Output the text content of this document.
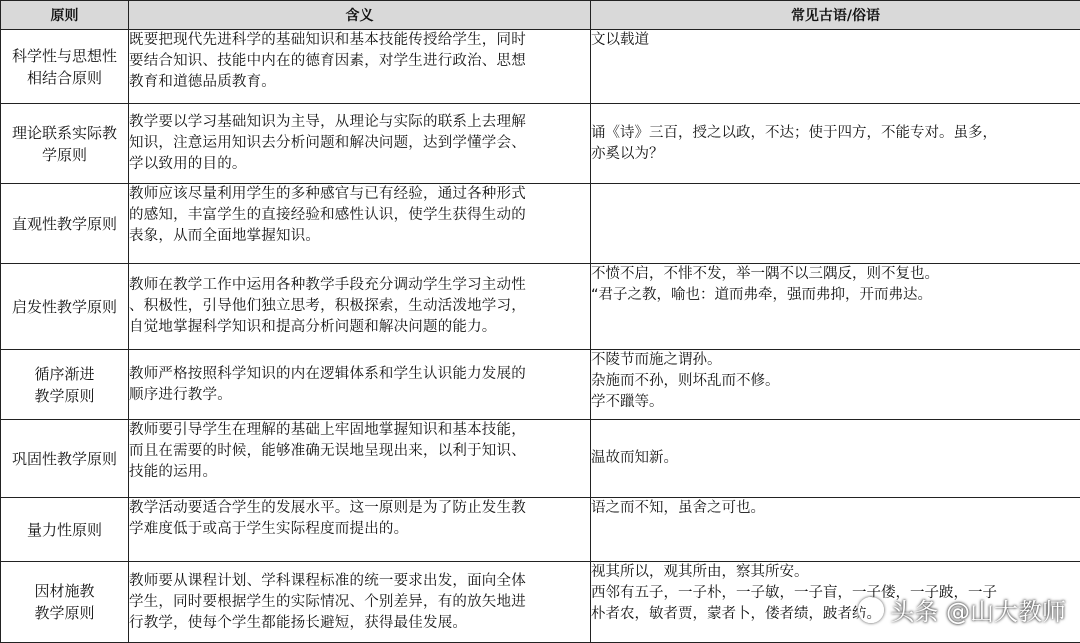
原则	含义	常见古语/俗语

科学性与思想性
相结合原则	既要把现代先进科学的基础知识和基本技能传授给学生，同时
要结合知识、技能中内在的德育因素，对学生进行政治、思想
教育和道德品质教育。	文以载道

理论联系实际教
学原则	教学要以学习基础知识为主导，从理论与实际的联系上去理解
知识，注意运用知识去分析问题和解决问题，达到学懂学会、
学以致用的目的。	诵《诗》三百，授之以政，不达；使于四方，不能专对。虽多，
亦奚以为？

直观性教学原则	教师应该尽量利用学生的多种感官与已有经验，通过各种形式
的感知，丰富学生的直接经验和感性认识，使学生获得生动的
表象，从而全面地掌握知识。	

启发性教学原则	教师在教学工作中运用各种教学手段充分调动学生学习主动性
、积极性，引导他们独立思考，积极探索，生动活泼地学习，
自觉地掌握科学知识和提高分析问题和解决问题的能力。	不愤不启，不悱不发，举一隅不以三隅反，则不复也。
“君子之教，喻也：道而弗牵，强而弗抑，开而弗达。

循序渐进
教学原则	教师严格按照科学知识的内在逻辑体系和学生认识能力发展的
顺序进行教学。	不陵节而施之谓孙。
杂施而不孙，则坏乱而不修。
学不躐等。

巩固性教学原则	教师要引导学生在理解的基础上牢固地掌握知识和基本技能，
而且在需要的时候，能够准确无误地呈现出来，以利于知识、
技能的运用。	温故而知新。

量力性原则	教学活动要适合学生的发展水平。这一原则是为了防止发生教
学难度低于或高于学生实际程度而提出的。	语之而不知，虽舍之可也。

因材施教
教学原则	教师要从课程计划、学科课程标准的统一要求出发，面向全体
学生，同时要根据学生的实际情况、个别差异，有的放矢地进
行教学，使每个学生都能扬长避短，获得最佳发展。	视其所以，观其所由，察其所安。
西邻有五子，一子朴，一子敏，一子盲，一子偻，一子跛，一子
朴者农，敏者贾，蒙者卜，偻者绩，跛者纺。 头条 @山大教师
